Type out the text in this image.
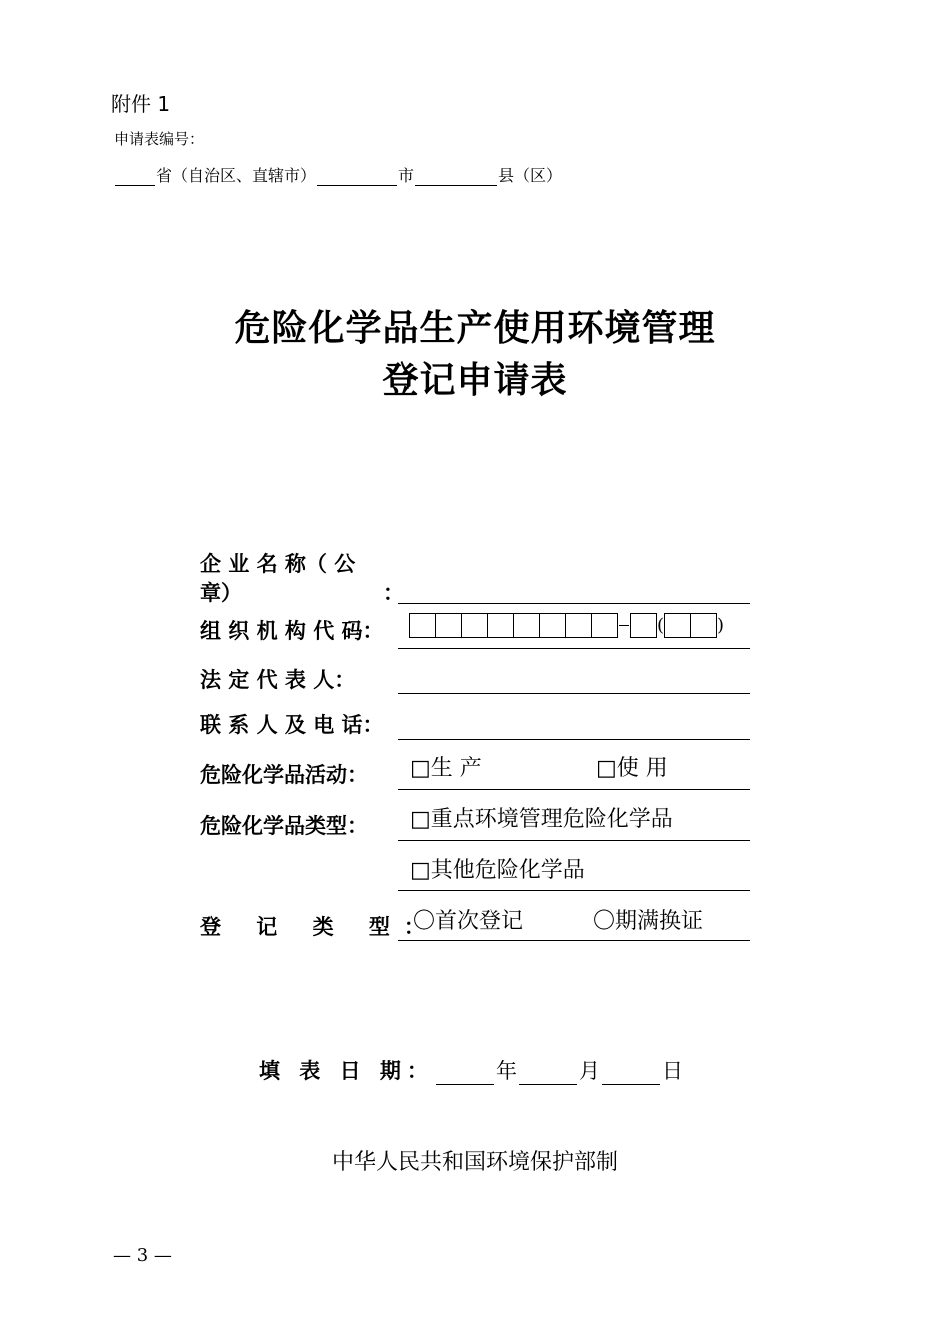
附件 1
申请表编号：
省（自治区、直辖市）	市	县（区）
危险化学品生产使用环境管理
登记申请表
企 业 名 称（ 公
章）	：
组 织 机 构 代 码：	(	)
法 定 代 表 人：
联 系 人 及 电 话：
危险化学品活动： □生 产	□使 用
危险化学品类型： □重点环境管理危险化学品
□其他危险化学品
登 记 类 型：
〇首次登记	〇期满换证
填 表 日 期：	年	月	日
中华人民共和国环境保护部制
— 3 —
